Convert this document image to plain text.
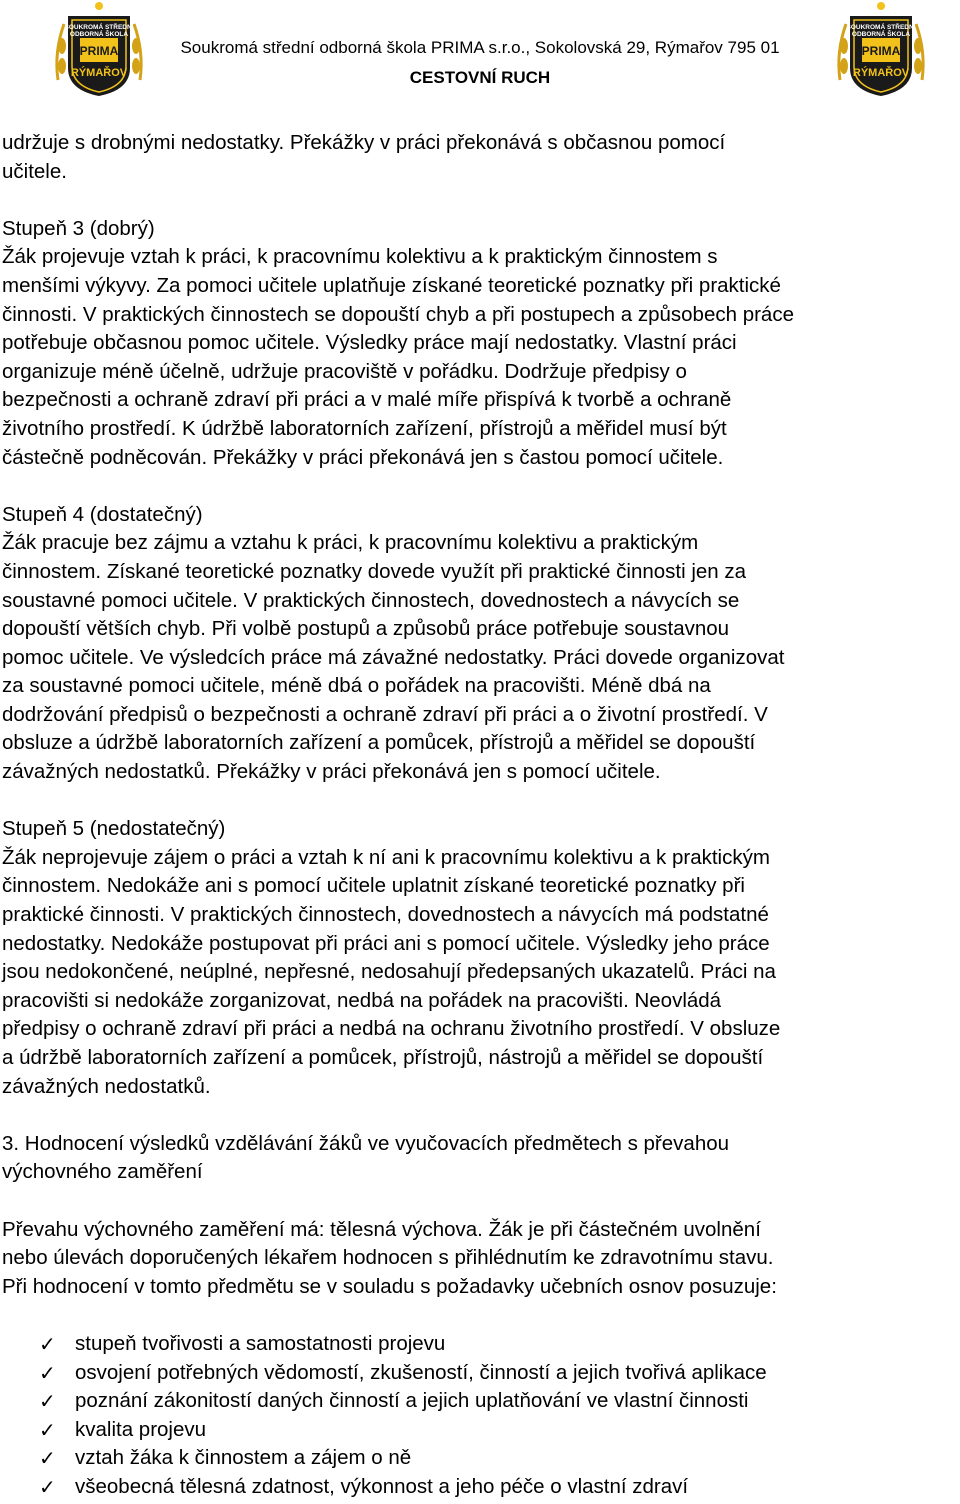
SOUKROMÁ STŘEDNÍ
ODBORNÁ ŠKOLA
PRIMA
RÝMAŘOV
SOUKROMÁ STŘEDNÍ
ODBORNÁ ŠKOLA
PRIMA
RÝMAŘOV
Soukromá střední odborná škola PRIMA s.r.o., Sokolovská 29, Rýmařov 795 01
CESTOVNÍ RUCH

udržuje s drobnými nedostatky. Překážky v práci překonává s občasnou pomocí

učitele.

Stupeň 3 (dobrý)

Žák projevuje vztah k práci, k pracovnímu kolektivu a k praktickým činnostem s

menšími výkyvy. Za pomoci učitele uplatňuje získané teoretické poznatky při praktické

činnosti. V praktických činnostech se dopouští chyb a při postupech a způsobech práce

potřebuje občasnou pomoc učitele. Výsledky práce mají nedostatky. Vlastní práci

organizuje méně účelně, udržuje pracoviště v pořádku. Dodržuje předpisy o

bezpečnosti a ochraně zdraví při práci a v malé míře přispívá k tvorbě a ochraně

životního prostředí. K údržbě laboratorních zařízení, přístrojů a měřidel musí být

částečně podněcován. Překážky v práci překonává jen s častou pomocí učitele.

Stupeň 4 (dostatečný)

Žák pracuje bez zájmu a vztahu k práci, k pracovnímu kolektivu a praktickým

činnostem. Získané teoretické poznatky dovede využít při praktické činnosti jen za

soustavné pomoci učitele. V praktických činnostech, dovednostech a návycích se

dopouští větších chyb. Při volbě postupů a způsobů práce potřebuje soustavnou

pomoc učitele. Ve výsledcích práce má závažné nedostatky. Práci dovede organizovat

za soustavné pomoci učitele, méně dbá o pořádek na pracovišti. Méně dbá na

dodržování předpisů o bezpečnosti a ochraně zdraví při práci a o životní prostředí. V

obsluze a údržbě laboratorních zařízení a pomůcek, přístrojů a měřidel se dopouští

závažných nedostatků. Překážky v práci překonává jen s pomocí učitele.

Stupeň 5 (nedostatečný)

Žák neprojevuje zájem o práci a vztah k ní ani k pracovnímu kolektivu a k praktickým

činnostem. Nedokáže ani s pomocí učitele uplatnit získané teoretické poznatky při

praktické činnosti. V praktických činnostech, dovednostech a návycích má podstatné

nedostatky. Nedokáže postupovat při práci ani s pomocí učitele. Výsledky jeho práce

jsou nedokončené, neúplné, nepřesné, nedosahují předepsaných ukazatelů. Práci na

pracovišti si nedokáže zorganizovat, nedbá na pořádek na pracovišti. Neovládá

předpisy o ochraně zdraví při práci a nedbá na ochranu životního prostředí. V obsluze

a údržbě laboratorních zařízení a pomůcek, přístrojů, nástrojů a měřidel se dopouští

závažných nedostatků.

3. Hodnocení výsledků vzdělávání žáků ve vyučovacích předmětech s převahou

výchovného zaměření

Převahu výchovného zaměření má: tělesná výchova. Žák je při částečném uvolnění

nebo úlevách doporučených lékařem hodnocen s přihlédnutím ke zdravotnímu stavu.

Při hodnocení v tomto předmětu se v souladu s požadavky učebních osnov posuzuje:

✓ stupeň tvořivosti a samostatnosti projevu
✓ osvojení potřebných vědomostí, zkušeností, činností a jejich tvořivá aplikace
✓ poznání zákonitostí daných činností a jejich uplatňování ve vlastní činnosti
✓ kvalita projevu
✓ vztah žáka k činnostem a zájem o ně
✓ všeobecná tělesná zdatnost, výkonnost a jeho péče o vlastní zdraví
